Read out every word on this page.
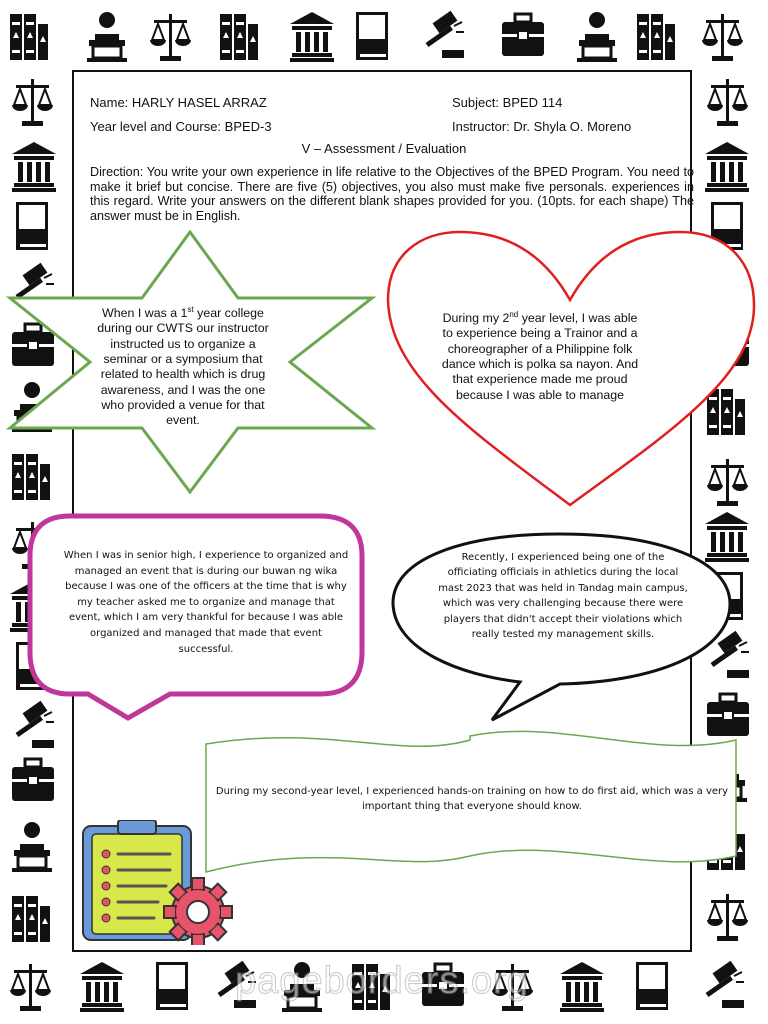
Name: HARLY HASEL ARRAZ	Subject: BPED 114
Year level and Course: BPED-3	Instructor: Dr. Shyla O. Moreno
V – Assessment / Evaluation
Direction: You write your own experience in life relative to the Objectives of the BPED Program. You need to make it brief but concise. There are five (5) objectives, you also must make five personals. experiences in this regard. Write your answers on the different blank shapes provided for you. (10pts. for each shape) The answer must be in English.
When I was a 1st year college during our CWTS our instructor instructed us to organize a seminar or a symposium that related to health which is drug awareness, and I was the one who provided a venue for that event.
During my 2nd year level, I was able to experience being a Trainor and a choreographer of a Philippine folk dance which is polka sa nayon. And that experience made me proud because I was able to manage
When I was in senior high, I experience to organized and managed an event that is during our buwan ng wika because I was one of the officers at the time that is why my teacher asked me to organize and manage that event, which I am very thankful for because I was able organized and managed that made that event successful.
Recently, I experienced being one of the officiating officials in athletics during the local mast 2023 that was held in Tandag main campus, which was very challenging because there were players that didn't accept their violations which really tested my management skills.
During my second-year level, I experienced hands-on training on how to do first aid, which was a very important thing that everyone should know.
pageborders.org
